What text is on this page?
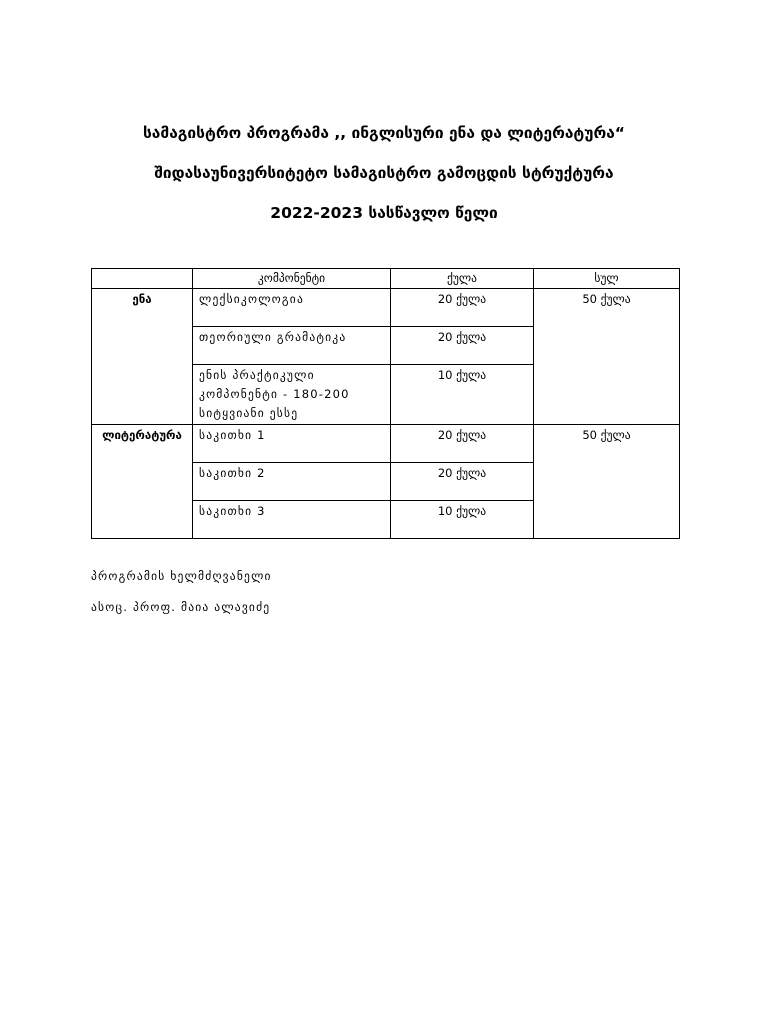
სამაგისტრო პროგრამა ,, ინგლისური ენა და ლიტერატურა“

შიდასაუნივერსიტეტო სამაგისტრო გამოცდის სტრუქტურა

2022-2023 სასწავლო წელი

	კომპონენტი	ქულა	სულ
ენა	ლექსიკოლოგია	20 ქულა	50 ქულა
	თეორიული გრამატიკა	20 ქულა	
	ენის პრაქტიკული კომპონენტი - 180-200 სიტყვიანი ესსე	10 ქულა	
ლიტერატურა	საკითხი 1	20 ქულა	50 ქულა
	საკითხი 2	20 ქულა	
	საკითხი 3	10 ქულა	
პროგრამის ხელმძღვანელი
ასოც. პროფ. მაია ალავიძე
